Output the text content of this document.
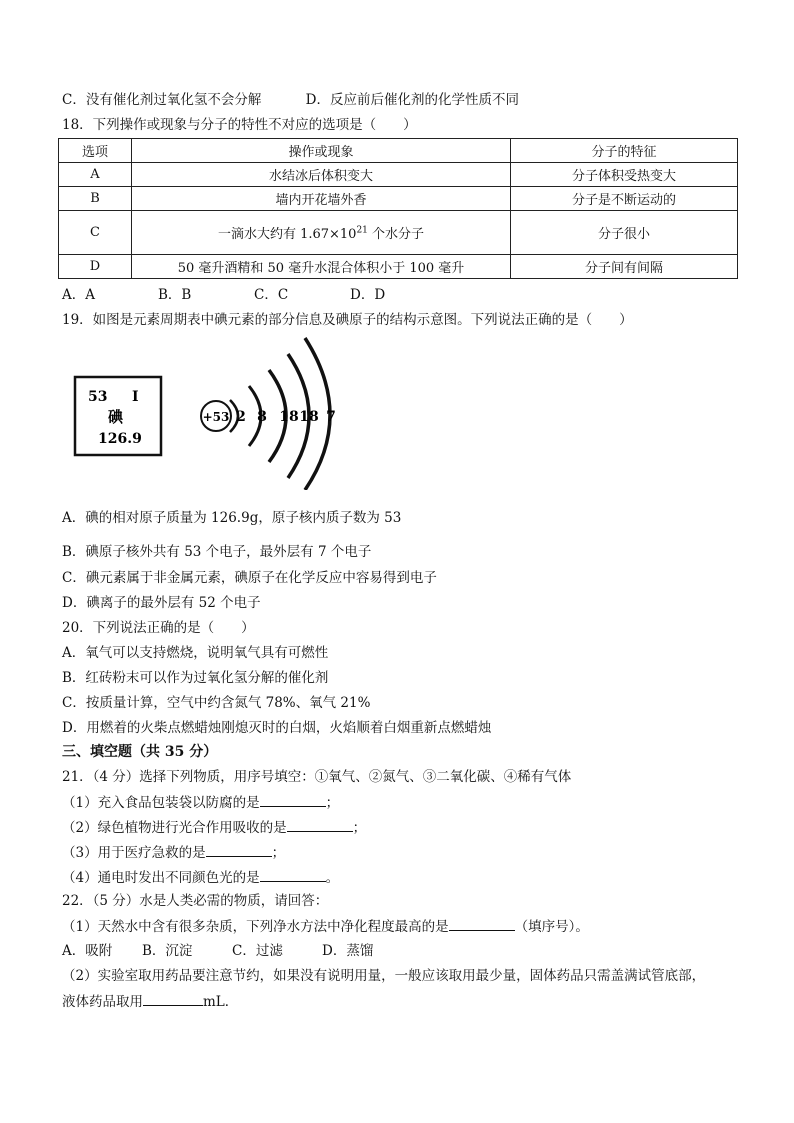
C．没有催化剂过氧化氢不会分解	D．反应前后催化剂的化学性质不同
18．下列操作或现象与分子的特性不对应的选项是（　　）
选项	操作或现象	分子的特征
A	水结冰后体积变大	分子体积受热变大
B	墙内开花墙外香	分子是不断运动的
C	一滴水大约有 $1.67\times 10^{21}$ 个水分子	分子很小
D	50 毫升酒精和 50 毫升水混合体积小于 100 毫升	分子间有间隔
A．A	B．B	C．C	D．D
19．如图是元素周期表中碘元素的部分信息及碘原子的结构示意图。下列说法正确的是（　　）
53 I
碘
126.9
+53 2 8 18 18 7
A．碘的相对原子质量为 126.9g，原子核内质子数为 53
B．碘原子核外共有 53 个电子，最外层有 7 个电子
C．碘元素属于非金属元素，碘原子在化学反应中容易得到电子
D．碘离子的最外层有 52 个电子
20．下列说法正确的是（　　）
A．氧气可以支持燃烧，说明氧气具有可燃性
B．红砖粉末可以作为过氧化氢分解的催化剂
C．按质量计算，空气中约含氮气 78%、氧气 21%
D．用燃着的火柴点燃蜡烛刚熄灭时的白烟，火焰顺着白烟重新点燃蜡烛
三、填空题（共 35 分）
21．（4 分）选择下列物质，用序号填空：①氧气、②氮气、③二氧化碳、④稀有气体
（1）充入食品包装袋以防腐的是	；
（2）绿色植物进行光合作用吸收的是	；
（3）用于医疗急救的是	；
（4）通电时发出不同颜色光的是	。
22．（5 分）水是人类必需的物质，请回答：
（1）天然水中含有很多杂质，下列净水方法中净化程度最高的是	（填序号）。
A．吸附 B．沉淀	C．过滤	D．蒸馏
（2）实验室取用药品要注意节约，如果没有说明用量，一般应该取用最少量，固体药品只需盖满试管底部，
液体药品取用	mL．
